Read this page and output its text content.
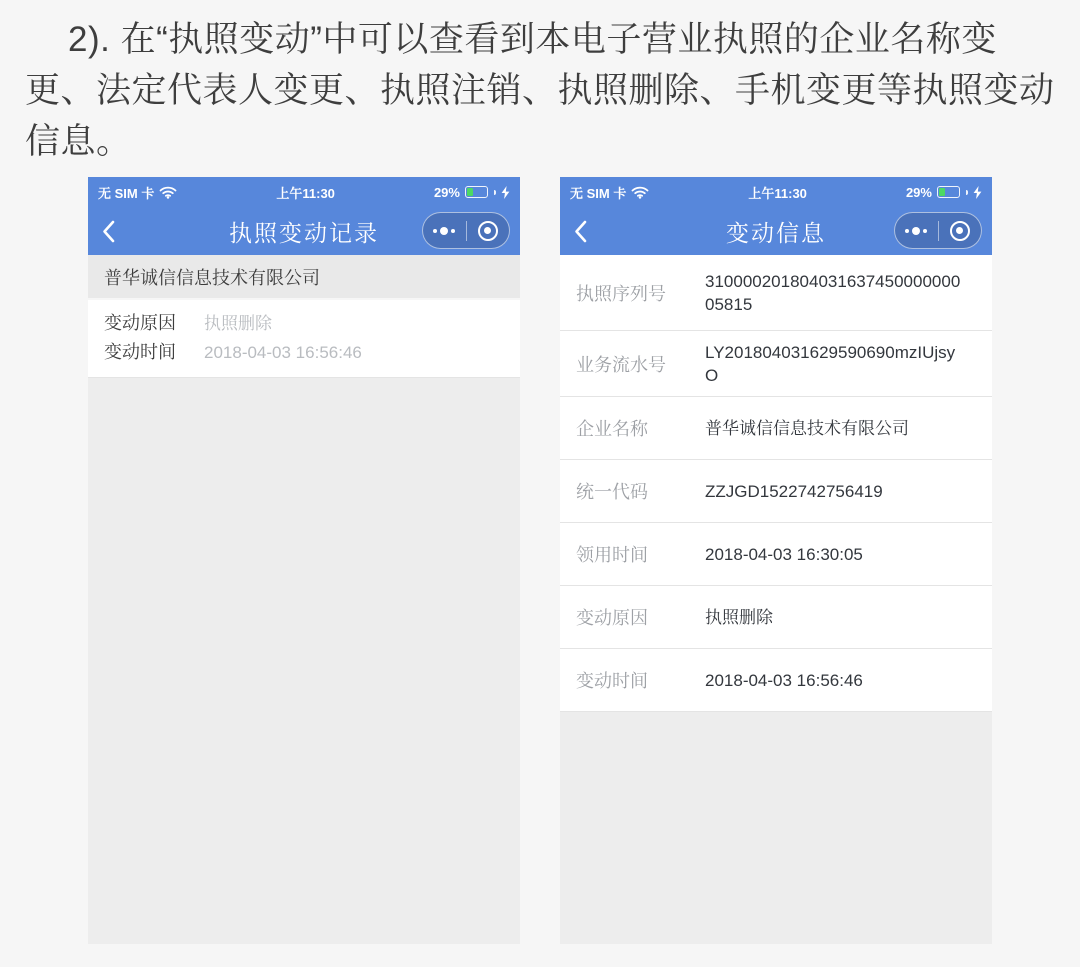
2). 在“执照变动”中可以查看到本电子营业执照的企业名称变更、法定代表人变更、执照注销、执照删除、手机变更等执照变动信息。

无 SIM 卡	上午11:30	29%
执照变动记录
普华诚信信息技术有限公司
变动原因	执照删除
变动时间	2018-04-03 16:56:46
无 SIM 卡	上午11:30	29%
变动信息
执照序列号
31000020180403163745000000005815
业务流水号
LY201804031629590690mzIUjsyO
企业名称	普华诚信信息技术有限公司
统一代码	ZZJGD1522742756419
领用时间	2018-04-03 16:30:05
变动原因	执照删除
变动时间	2018-04-03 16:56:46
